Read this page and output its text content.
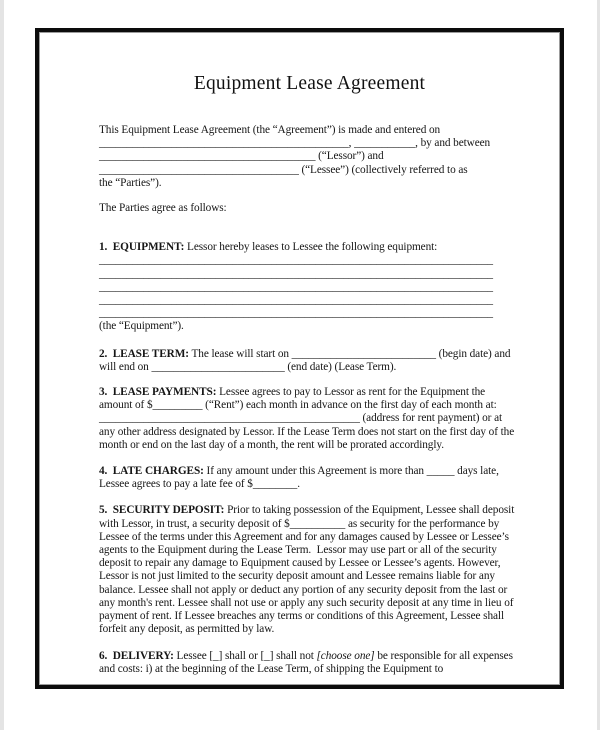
Equipment Lease Agreement
This Equipment Lease Agreement (the “Agreement”) is made and entered on
_____________________________________________, ___________, by and between
_______________________________________ (“Lessor”) and
____________________________________ (“Lessee”) (collectively referred to as
the “Parties”).
The Parties agree as follows:

1.  EQUIPMENT: Lessor hereby leases to Lessee the following equipment:

_______________________________________________________________________
_______________________________________________________________________
_______________________________________________________________________
_______________________________________________________________________
_______________________________________________________________________
(the “Equipment”).

2.  LEASE TERM: The lease will start on __________________________ (begin date) and will end on ________________________ (end date) (Lease Term).

3.  LEASE PAYMENTS: Lessee agrees to pay to Lessor as rent for the Equipment the amount of $_________ (“Rent”) each month in advance on the first day of each month at: _______________________________________________ (address for rent payment) or at any other address designated by Lessor. If the Lease Term does not start on the first day of the month or end on the last day of a month, the rent will be prorated accordingly.

4.  LATE CHARGES: If any amount under this Agreement is more than _____ days late, Lessee agrees to pay a late fee of $________.

5.  SECURITY DEPOSIT: Prior to taking possession of the Equipment, Lessee shall deposit with Lessor, in trust, a security deposit of $__________ as security for the performance by Lessee of the terms under this Agreement and for any damages caused by Lessee or Lessee’s agents to the Equipment during the Lease Term.  Lessor may use part or all of the security deposit to repair any damage to Equipment caused by Lessee or Lessee’s agents. However, Lessor is not just limited to the security deposit amount and Lessee remains liable for any balance. Lessee shall not apply or deduct any portion of any security deposit from the last or any month's rent. Lessee shall not use or apply any such security deposit at any time in lieu of payment of rent. If Lessee breaches any terms or conditions of this Agreement, Lessee shall forfeit any deposit, as permitted by law.

6.  DELIVERY: Lessee [_] shall or [_] shall not [choose one] be responsible for all expenses and costs: i) at the beginning of the Lease Term, of shipping the Equipment to
